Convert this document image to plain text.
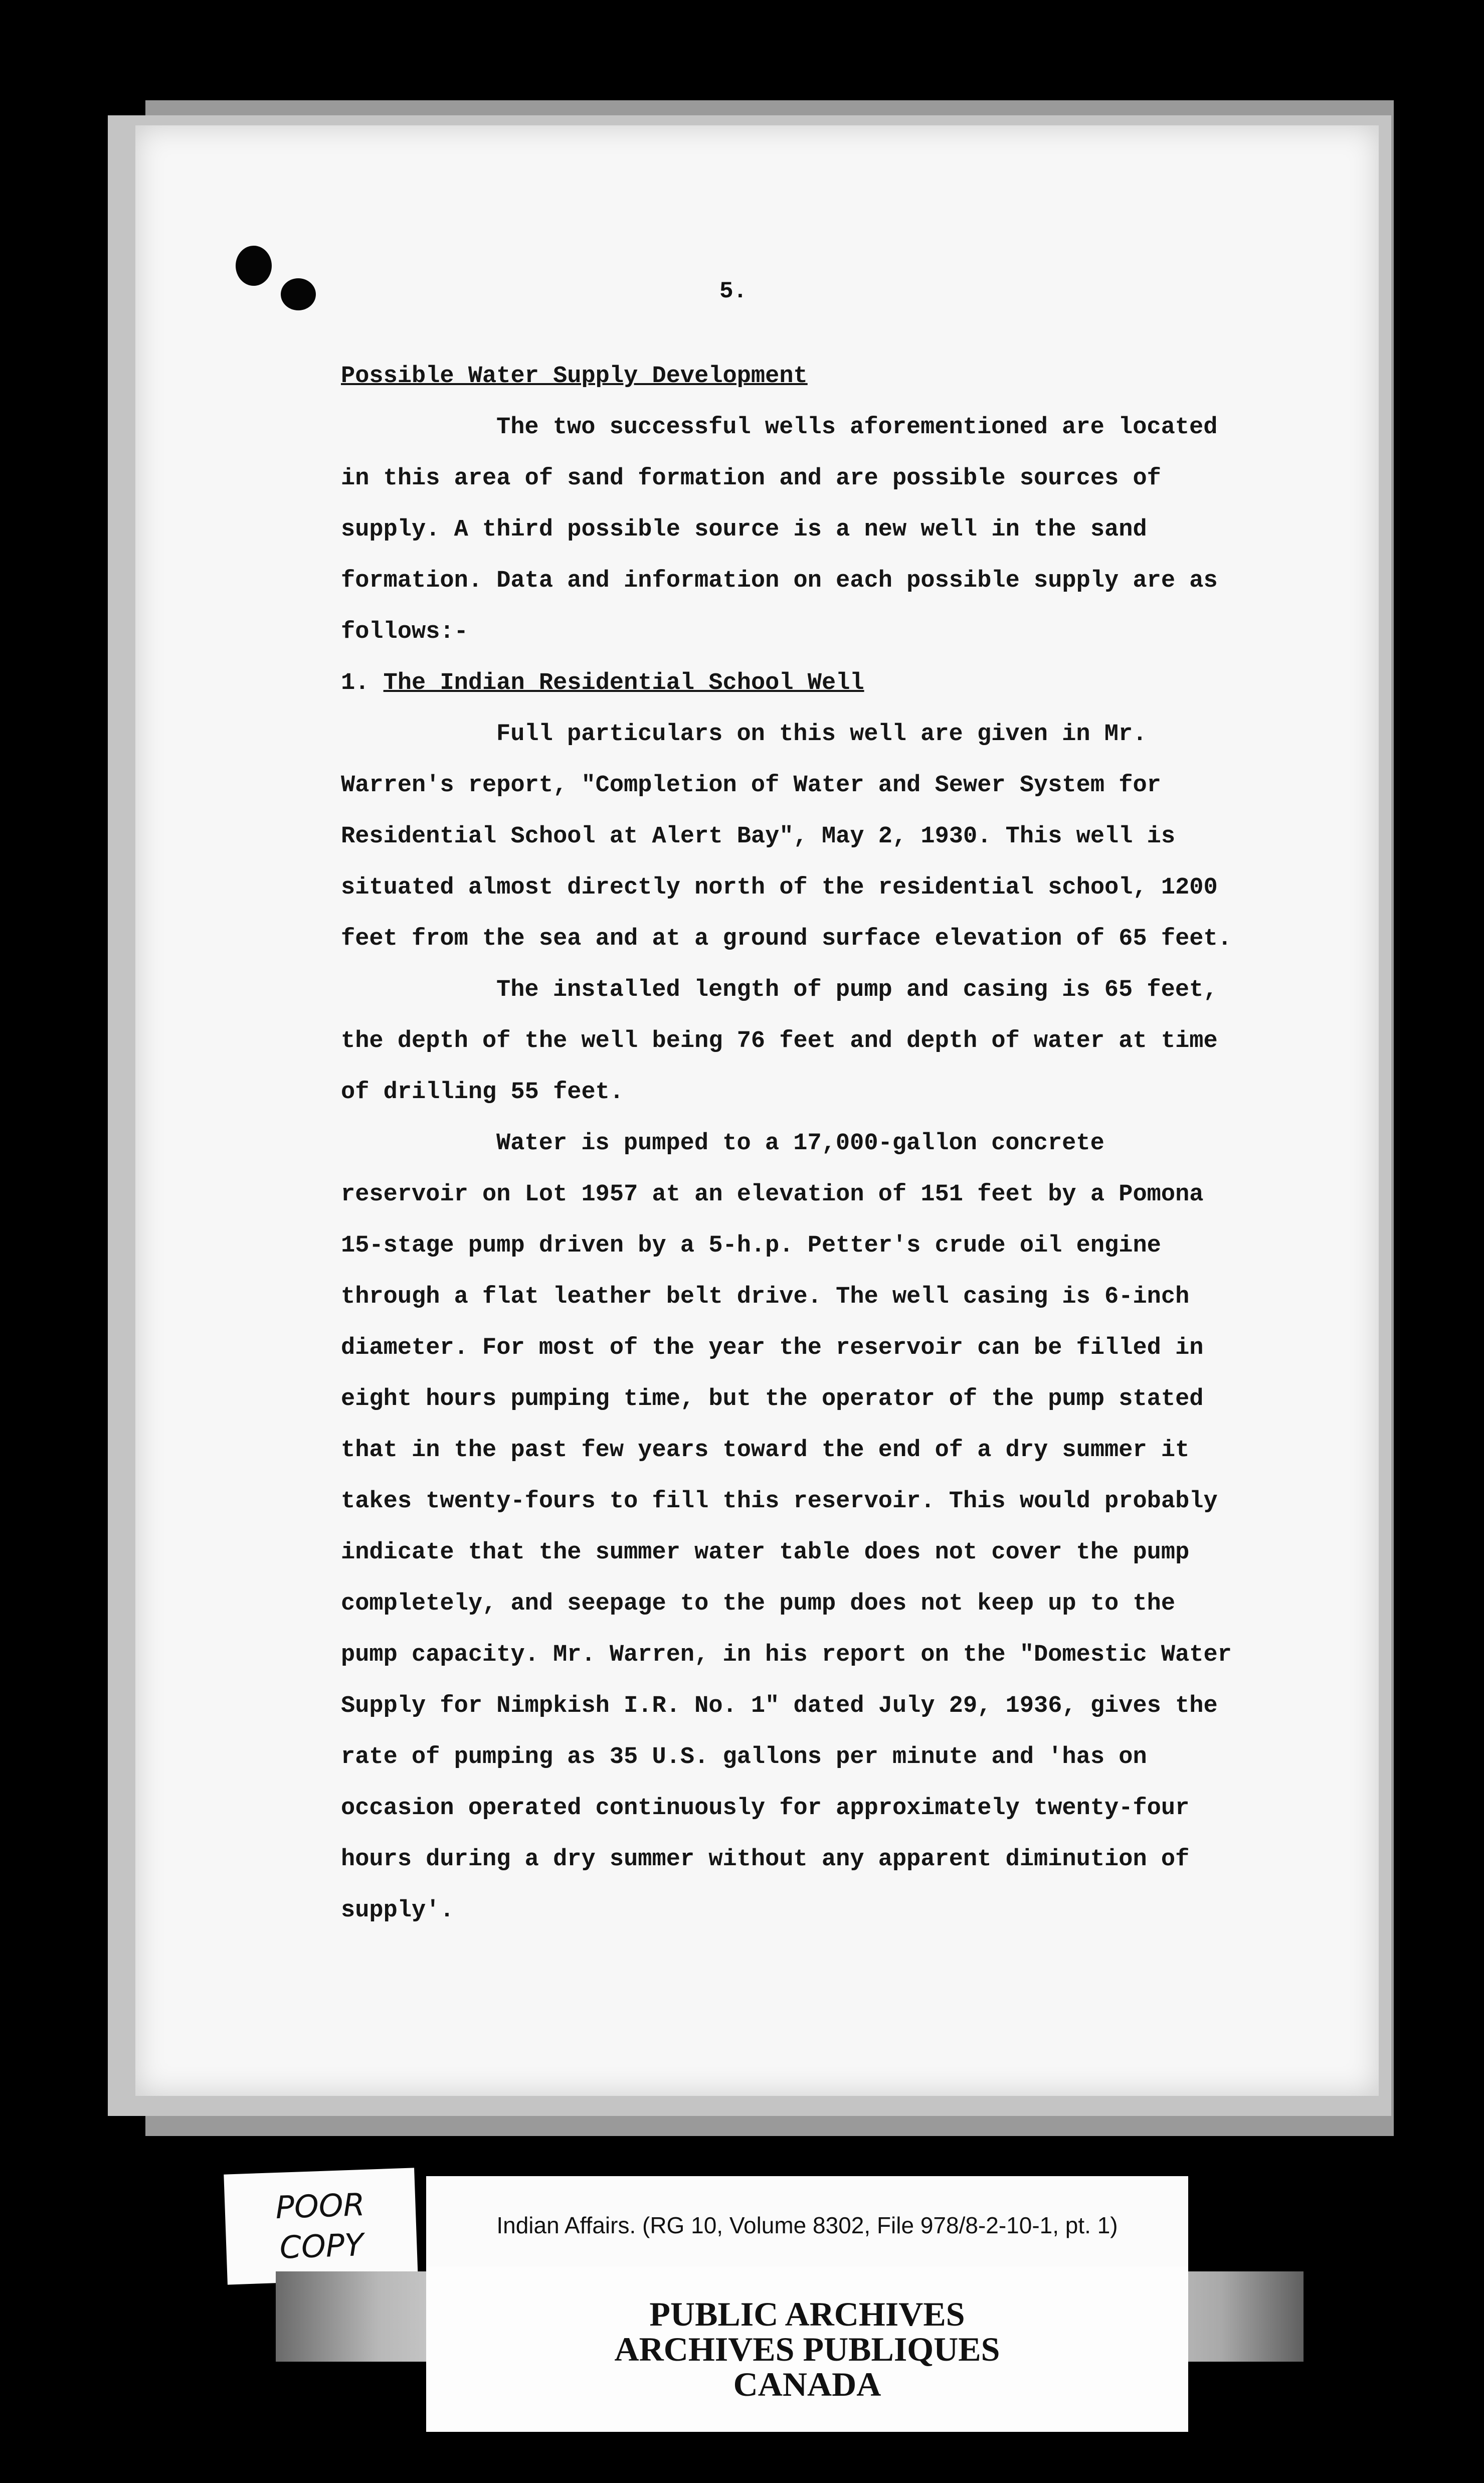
5.

Possible Water Supply Development

The two successful wells aforementioned are located in this area of sand formation and are possible sources of supply. A third possible source is a new well in the sand formation. Data and information on each possible supply are as follows:-

1. The Indian Residential School Well

Full particulars on this well are given in Mr. Warren's report, "Completion of Water and Sewer System for Residential School at Alert Bay", May 2, 1930. This well is situated almost directly north of the residential school, 1200 feet from the sea and at a ground surface elevation of 65 feet.

The installed length of pump and casing is 65 feet, the depth of the well being 76 feet and depth of water at time of drilling 55 feet.

Water is pumped to a 17,000-gallon concrete reservoir on Lot 1957 at an elevation of 151 feet by a Pomona 15-stage pump driven by a 5-h.p. Petter's crude oil engine through a flat leather belt drive. The well casing is 6-inch diameter. For most of the year the reservoir can be filled in eight hours pumping time, but the operator of the pump stated that in the past few years toward the end of a dry summer it takes twenty-fours to fill this reservoir. This would probably indicate that the summer water table does not cover the pump completely, and seepage to the pump does not keep up to the pump capacity. Mr. Warren, in his report on the "Domestic Water Supply for Nimpkish I.R. No. 1" dated July 29, 1936, gives the rate of pumping as 35 U.S. gallons per minute and 'has on occasion operated continuously for approximately twenty-four hours during a dry summer without any apparent diminution of supply'.

POOR
COPY
Indian Affairs. (RG 10, Volume 8302, File 978/8-2-10-1, pt. 1)
PUBLIC ARCHIVES
ARCHIVES PUBLIQUES
CANADA
